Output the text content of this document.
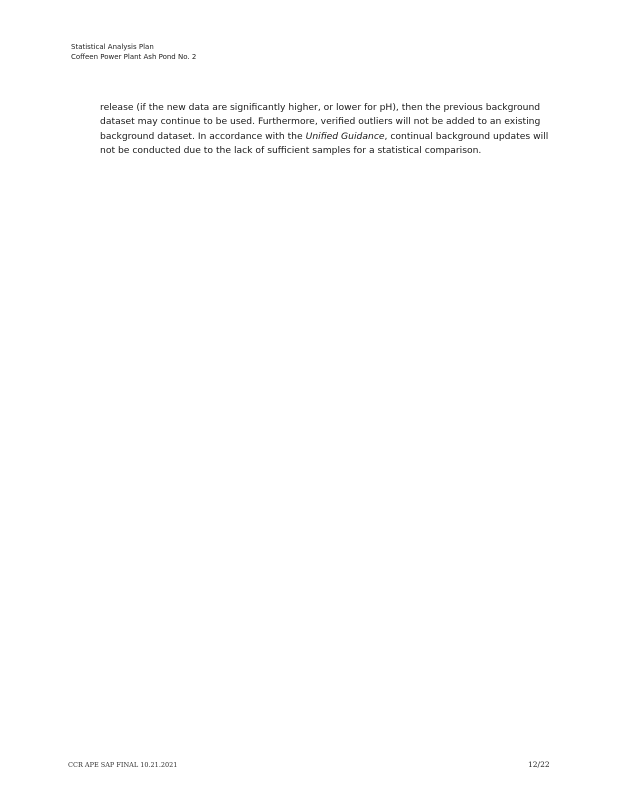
Statistical Analysis Plan
Coffeen Power Plant Ash Pond No. 2
release (if the new data are significantly higher, or lower for pH), then the previous background
dataset may continue to be used. Furthermore, verified outliers will not be added to an existing
background dataset. In accordance with the Unified Guidance, continual background updates will
not be conducted due to the lack of sufficient samples for a statistical comparison.
CCR APE SAP FINAL 10.21.2021	12/22
